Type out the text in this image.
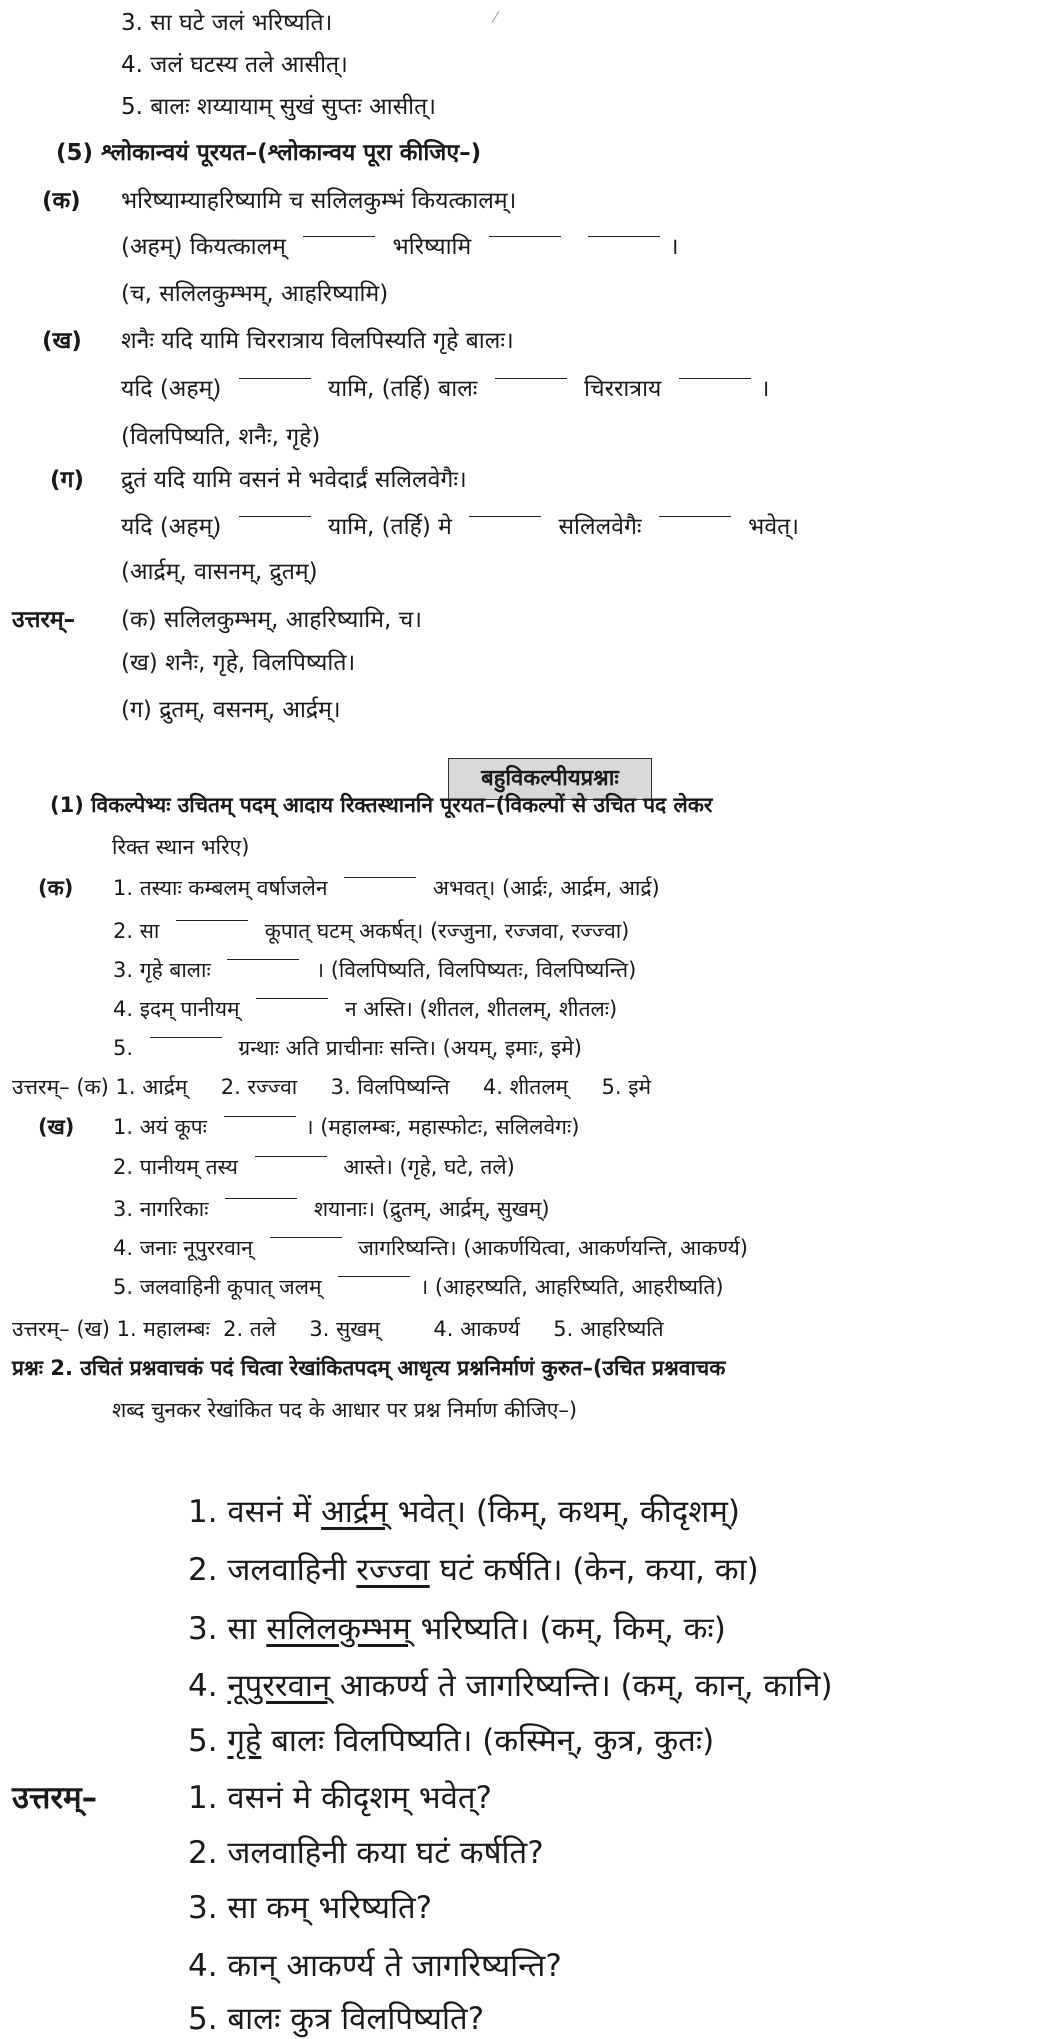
3. सा घटे जलं भरिष्यति।
4. जलं घटस्य तले आसीत्।
5. बालः शय्यायाम् सुखं सुप्तः आसीत्।
(5) श्लोकान्वयं पूरयत–(श्लोकान्वय पूरा कीजिए–)
(क) भरिष्याम्याहरिष्यामि च सलिलकुम्भं कियत्कालम्।
(अहम्) कियत्कालम्	भरिष्यामि	।
(च, सलिलकुम्भम्, आहरिष्यामि)
(ख) शनैः यदि यामि चिररात्राय विलपिस्यति गृहे बालः।
यदि (अहम्)	यामि, (तर्हि) बालः	चिररात्राय	।
(विलपिष्यति, शनैः, गृहे)
(ग) द्रुतं यदि यामि वसनं मे भवेदार्द्रं सलिलवेगैः।
यदि (अहम्)	यामि, (तर्हि) मे	सलिलवेगैः	भवेत्।
(आर्द्रम्, वासनम्, द्रुतम्)
उत्तरम्– (क) सलिलकुम्भम्, आहरिष्यामि, च।
(ख) शनैः, गृहे, विलपिष्यति।
(ग) द्रुतम्, वसनम्, आर्द्रम्।
बहुविकल्पीयप्रश्नाः
(1) विकल्पेभ्यः उचितम् पदम् आदाय रिक्तस्थाननि पूरयत–(विकल्पों से उचित पद लेकर
रिक्त स्थान भरिए)
(क) 1. तस्याः कम्बलम् वर्षाजलेन	अभवत्। (आर्द्रः, आर्द्रम, आर्द्र)
2. सा	कूपात् घटम् अकर्षत्। (रज्जुना, रज्जवा, रज्ज्वा)
3. गृहे बालाः	। (विलपिष्यति, विलपिष्यतः, विलपिष्यन्ति)
4. इदम् पानीयम्	न अस्ति। (शीतल, शीतलम्, शीतलः)
5.	ग्रन्थाः अति प्राचीनाः सन्ति। (अयम्, इमाः, इमे)
उत्तरम्– (क) 1. आर्द्रम्     2. रज्ज्वा     3. विलपिष्यन्ति     4. शीतलम्     5. इमे
(ख) 1. अयं कूपः	। (महालम्बः, महास्फोटः, सलिलवेगः)
2. पानीयम् तस्य	आस्ते। (गृहे, घटे, तले)
3. नागरिकाः	शयानाः। (द्रुतम्, आर्द्रम्, सुखम्)
4. जनाः नूपुररवान्	जागरिष्यन्ति। (आकर्णयित्वा, आकर्णयन्ति, आकर्ण्य)
5. जलवाहिनी कूपात् जलम्	। (आहरष्यति, आहरिष्यति, आहरीष्यति)
उत्तरम्– (ख) 1. महालम्बः  2. तले     3. सुखम्        4. आकर्ण्य     5. आहरिष्यति
प्रश्नः 2. उचितं प्रश्नवाचकं पदं चित्वा रेखांकितपदम् आधृत्य प्रश्ननिर्माणं कुरुत–(उचित प्रश्नवाचक
शब्द चुनकर रेखांकित पद के आधार पर प्रश्न निर्माण कीजिए–)
1. वसनं में आर्द्रम् भवेत्। (किम्, कथम्, कीदृशम्)
2. जलवाहिनी रज्ज्वा घटं कर्षति। (केन, कया, का)
3. सा सलिलकुम्भम् भरिष्यति। (कम्, किम्, कः)
4. नूपुररवान् आकर्ण्य ते जागरिष्यन्ति। (कम्, कान्, कानि)
5. गृहे बालः विलपिष्यति। (कस्मिन्, कुत्र, कुतः)
उत्तरम्–	1. वसनं मे कीदृशम् भवेत्?
2. जलवाहिनी कया घटं कर्षति?
3. सा कम् भरिष्यति?
4. कान् आकर्ण्य ते जागरिष्यन्ति?
5. बालः कुत्र विलपिष्यति?
